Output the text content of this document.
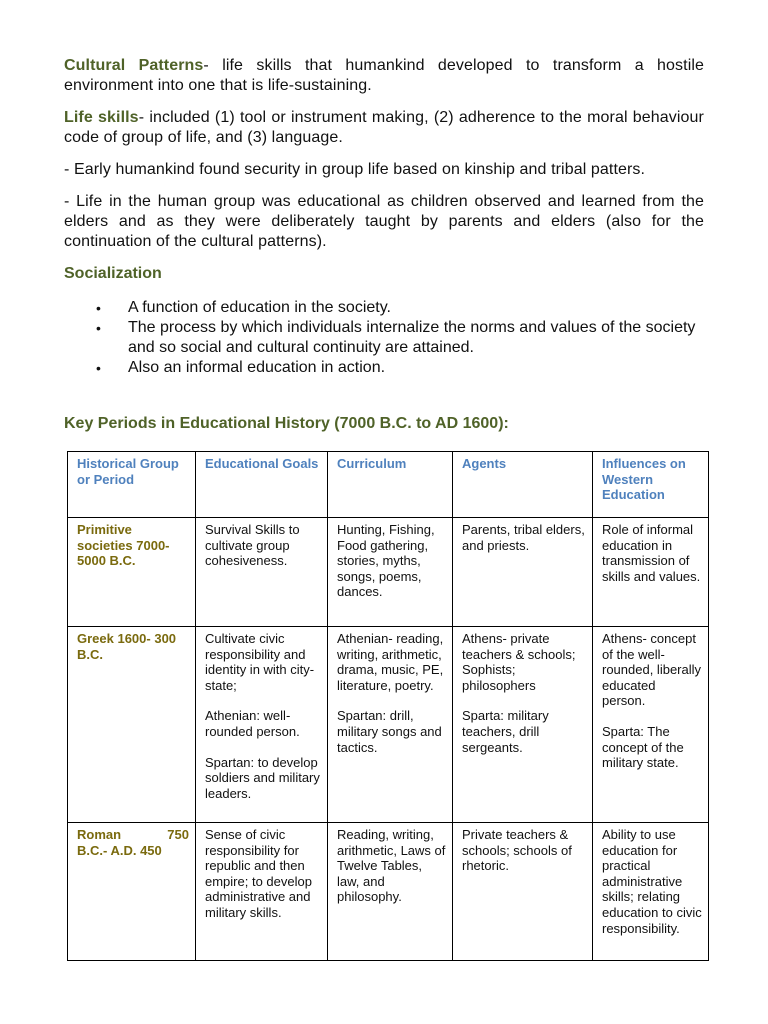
Cultural Patterns- life skills that humankind developed to transform a hostile environment into one that is life-sustaining.

Life skills- included (1) tool or instrument making, (2) adherence to the moral behaviour code of group of life, and (3) language.

- Early humankind found security in group life based on kinship and tribal patters.

- Life in the human group was educational as children observed and learned from the elders and as they were deliberately taught by parents and elders (also for the continuation of the cultural patterns).

Socialization
• A function of education in the society.
• The process by which individuals internalize the norms and values of the society and so social and cultural continuity are attained.
• Also an informal education in action.
Key Periods in Educational History (7000 B.C. to AD 1600):
Historical Group or Period	Educational Goals	Curriculum	Agents	Influences on Western Education
Primitive societies 7000-5000 B.C.	Survival Skills to cultivate group cohesiveness.	Hunting, Fishing, Food gathering, stories, myths, songs, poems, dances.	Parents, tribal elders, and priests.	Role of informal education in transmission of skills and values.

Greek 1600- 300 B.C.	Cultivate civic responsibility and identity in with city-state;
Athenian: well-rounded person.
Spartan: to develop soldiers and military leaders.	Athenian- reading, writing, arithmetic, drama, music, PE, literature, poetry.
Spartan: drill, military songs and tactics.	Athens- private teachers & schools; Sophists; philosophers
Sparta: military teachers, drill sergeants.	Athens- concept of the well-rounded, liberally educated person.
Sparta: The concept of the military state.

Roman 750
B.C.- A.D. 450	Sense of civic responsibility for republic and then empire; to develop administrative and military skills.	Reading, writing, arithmetic, Laws of Twelve Tables, law, and philosophy.	Private teachers & schools; schools of rhetoric.	Ability to use education for practical administrative skills; relating education to civic responsibility.
